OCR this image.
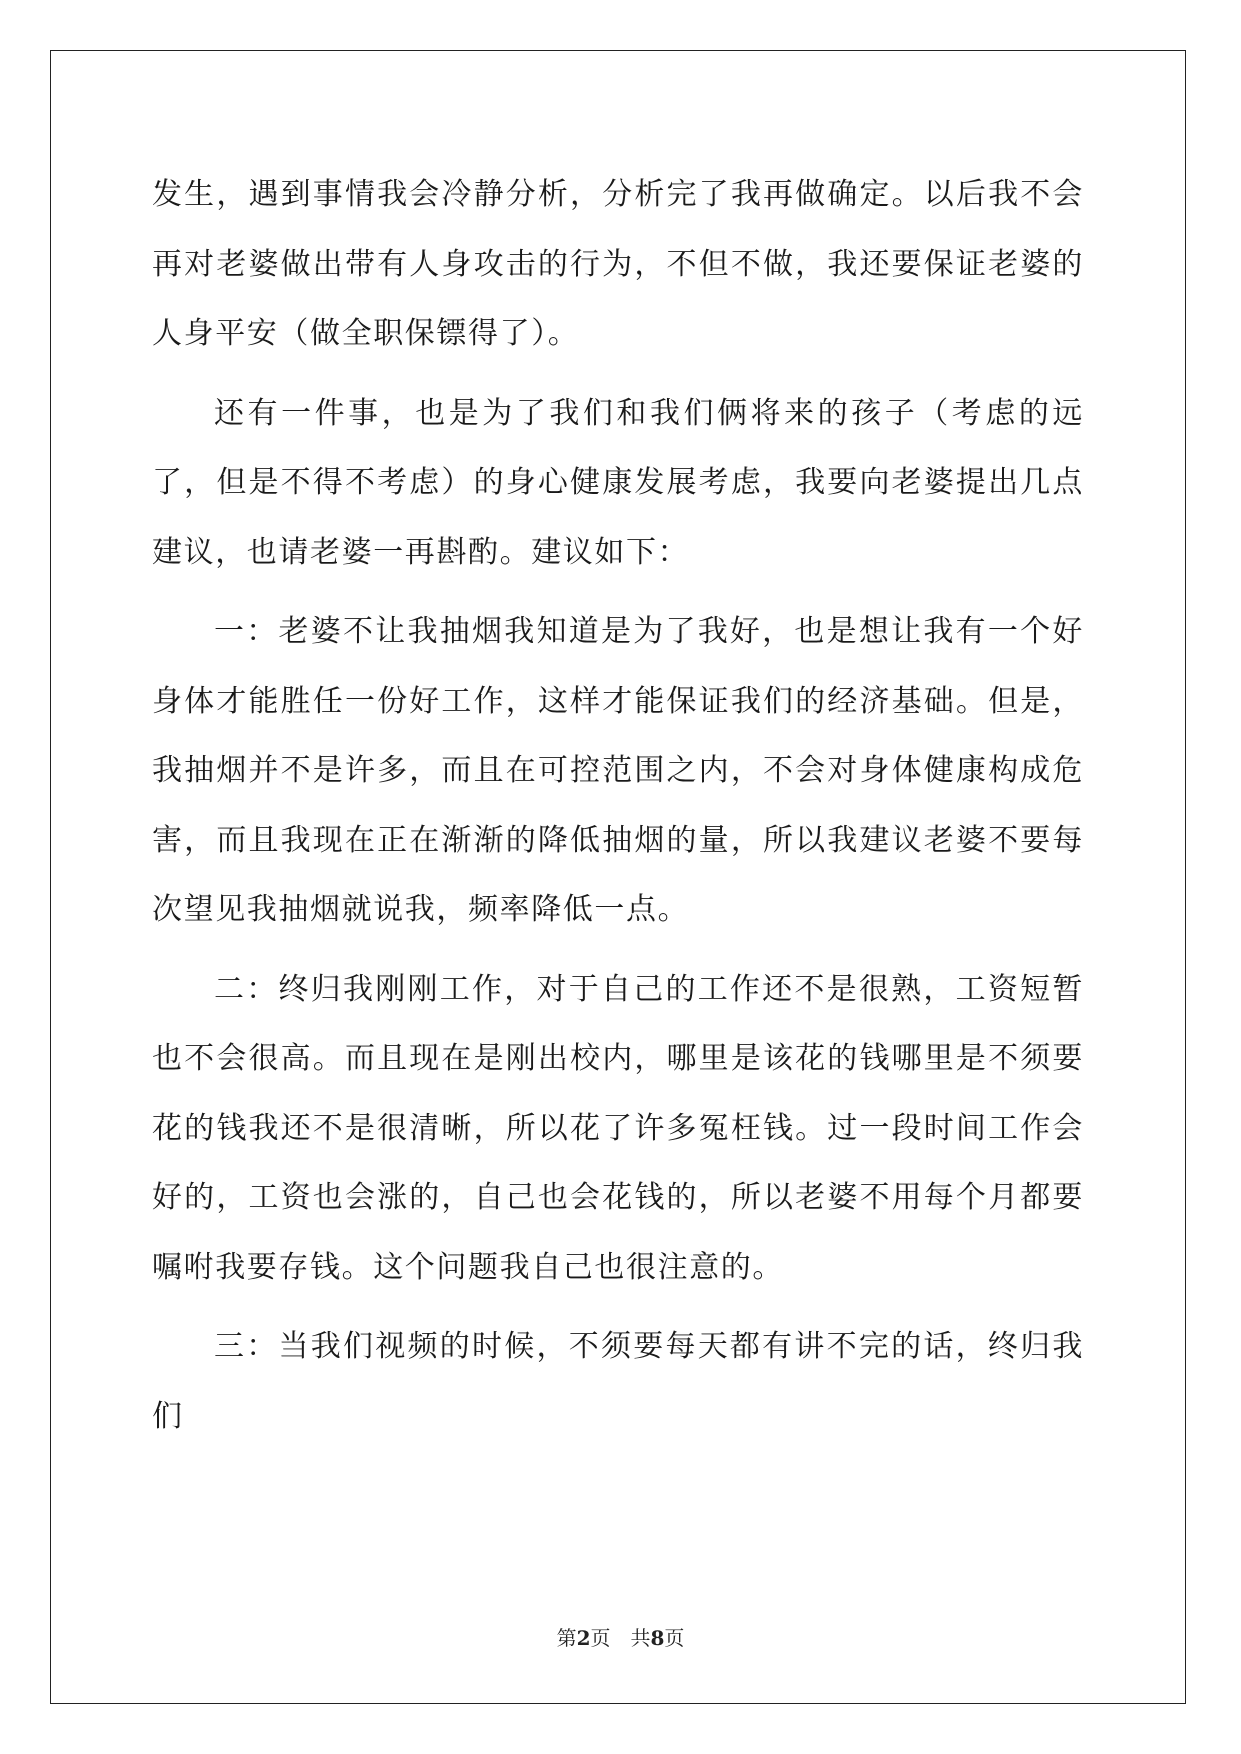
发生，遇到事情我会冷静分析，分析完了我再做确定。以后我不会再对老婆做出带有人身攻击的行为，不但不做，我还要保证老婆的人身平安（做全职保镖得了）。

还有一件事，也是为了我们和我们俩将来的孩子（考虑的远了，但是不得不考虑）的身心健康发展考虑，我要向老婆提出几点建议，也请老婆一再斟酌。建议如下：

一：老婆不让我抽烟我知道是为了我好，也是想让我有一个好身体才能胜任一份好工作，这样才能保证我们的经济基础。但是，我抽烟并不是许多，而且在可控范围之内，不会对身体健康构成危害，而且我现在正在渐渐的降低抽烟的量，所以我建议老婆不要每次望见我抽烟就说我，频率降低一点。

二：终归我刚刚工作，对于自己的工作还不是很熟，工资短暂也不会很高。而且现在是刚出校内，哪里是该花的钱哪里是不须要花的钱我还不是很清晰，所以花了许多冤枉钱。过一段时间工作会好的，工资也会涨的，自己也会花钱的，所以老婆不用每个月都要嘱咐我要存钱。这个问题我自己也很注意的。

三：当我们视频的时候，不须要每天都有讲不完的话，终归我们

第2页　共8页
